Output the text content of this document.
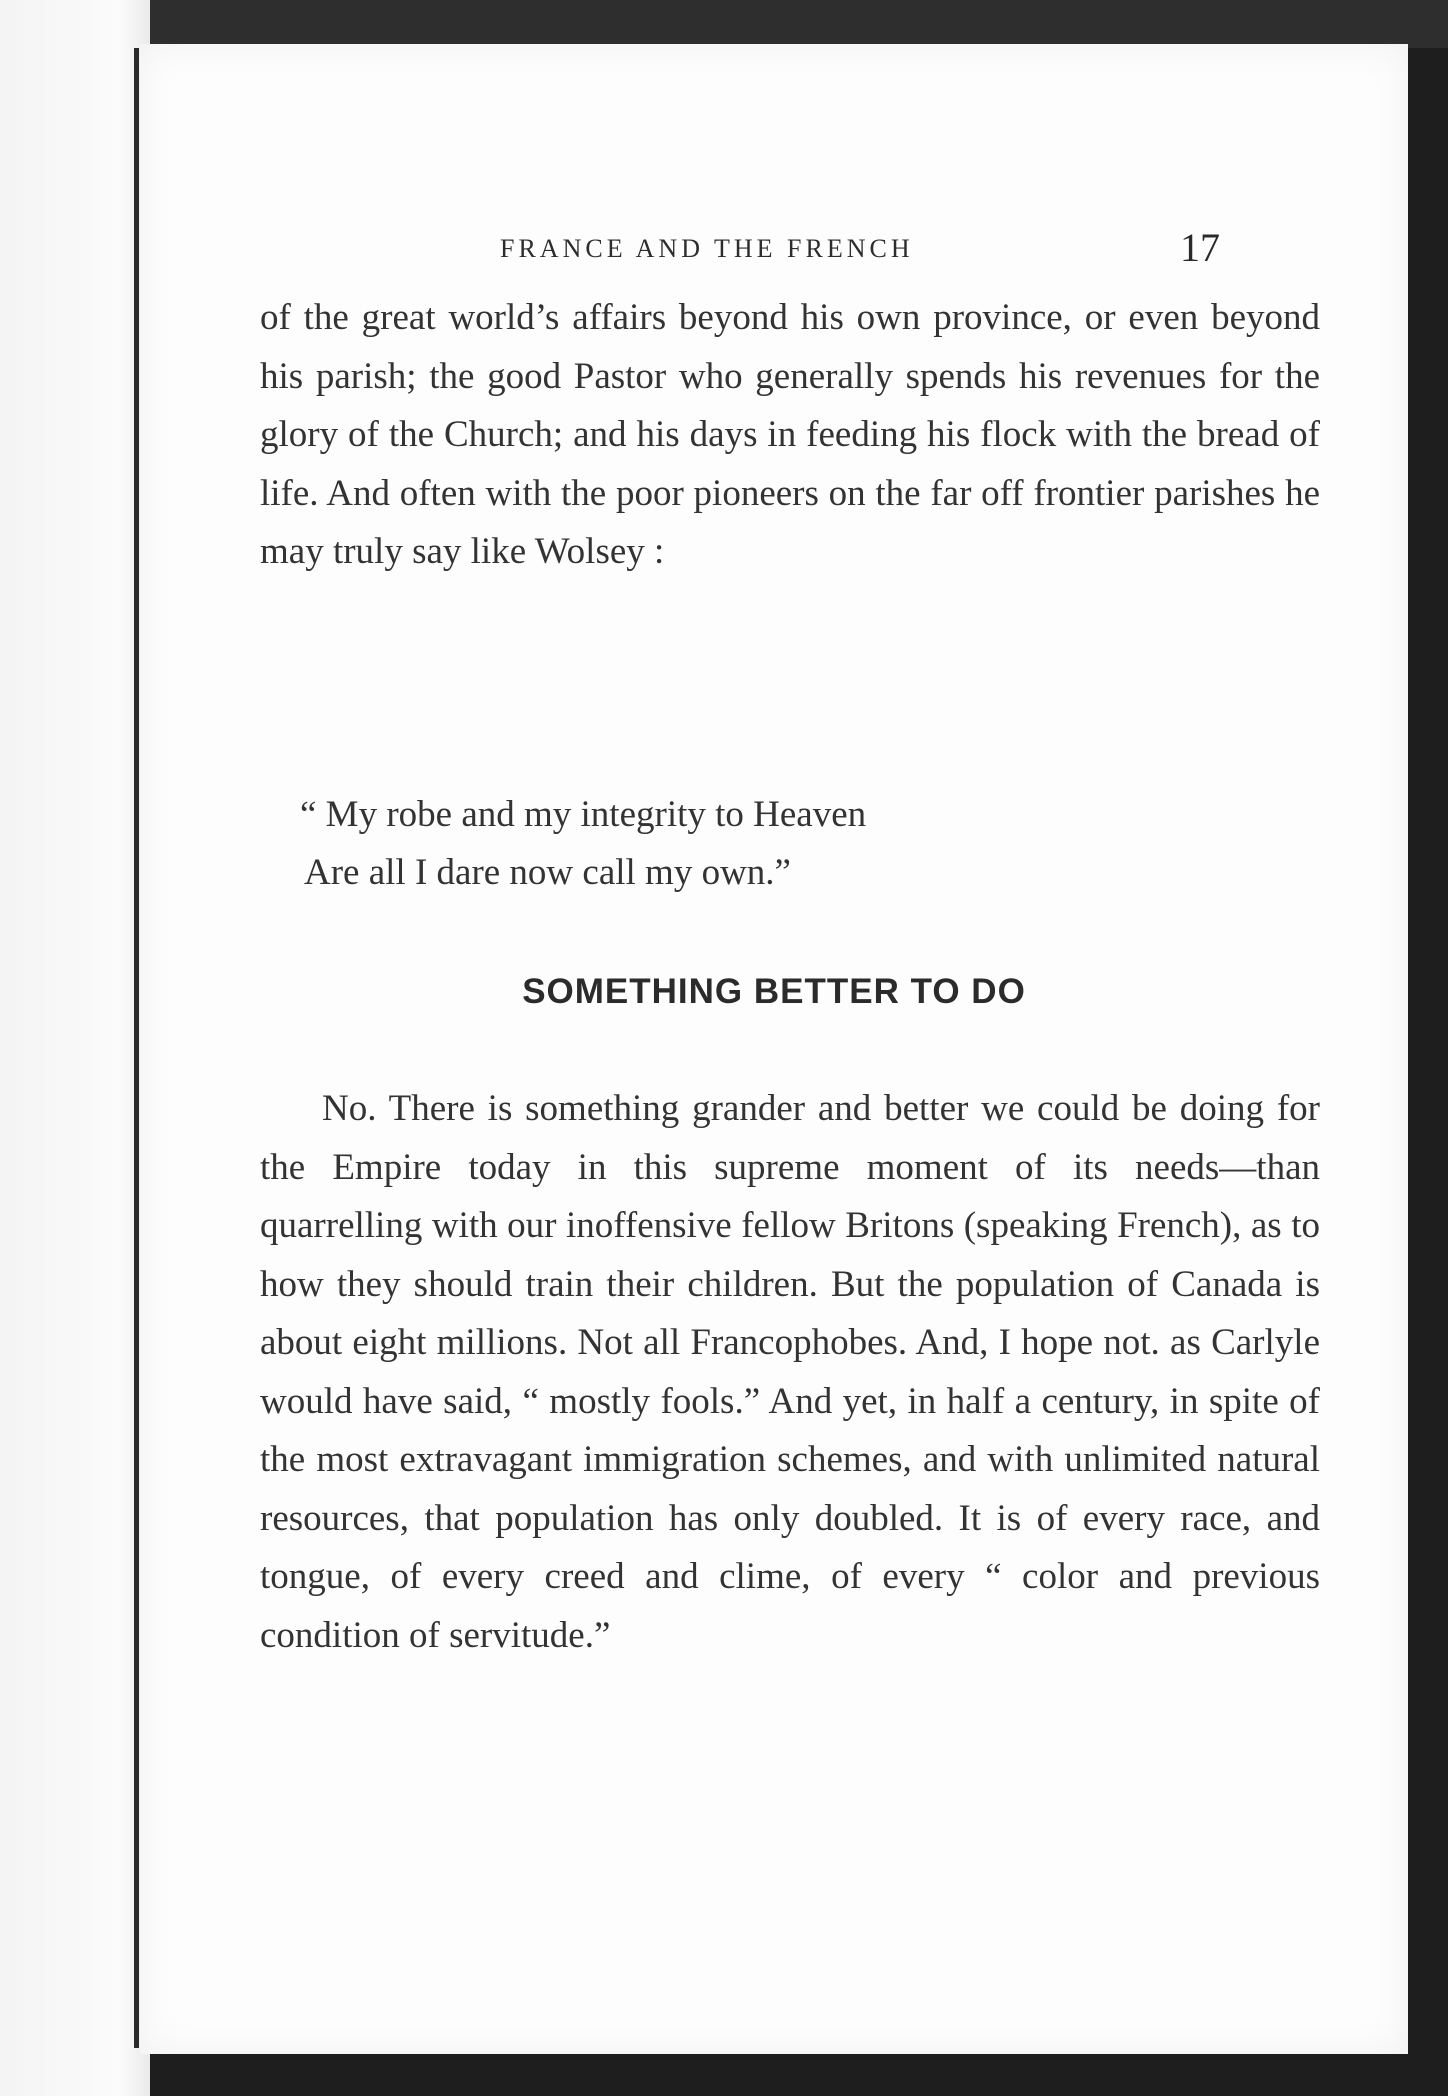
FRANCE AND THE FRENCH	17
of the great world’s affairs beyond his own province, or even beyond his parish; the good Pastor who generally spends his revenues for the glory of the Church; and his days in feeding his flock with the bread of life. And often with the poor pioneers on the far off frontier parishes he may truly say like Wolsey :
“ My robe and my integrity to Heaven
Are all I dare now call my own.”
SOMETHING BETTER TO DO
No. There is something grander and better we could be doing for the Empire today in this supreme moment of its needs—than quarrelling with our inoffensive fellow Britons (speaking French), as to how they should train their children. But the population of Canada is about eight millions. Not all Francophobes. And, I hope not. as Carlyle would have said, “ mostly fools.” And yet, in half a century, in spite of the most extravagant immigration schemes, and with unlimited natural resources, that population has only doubled. It is of every race, and tongue, of every creed and clime, of every “ color and previous condition of servitude.”
